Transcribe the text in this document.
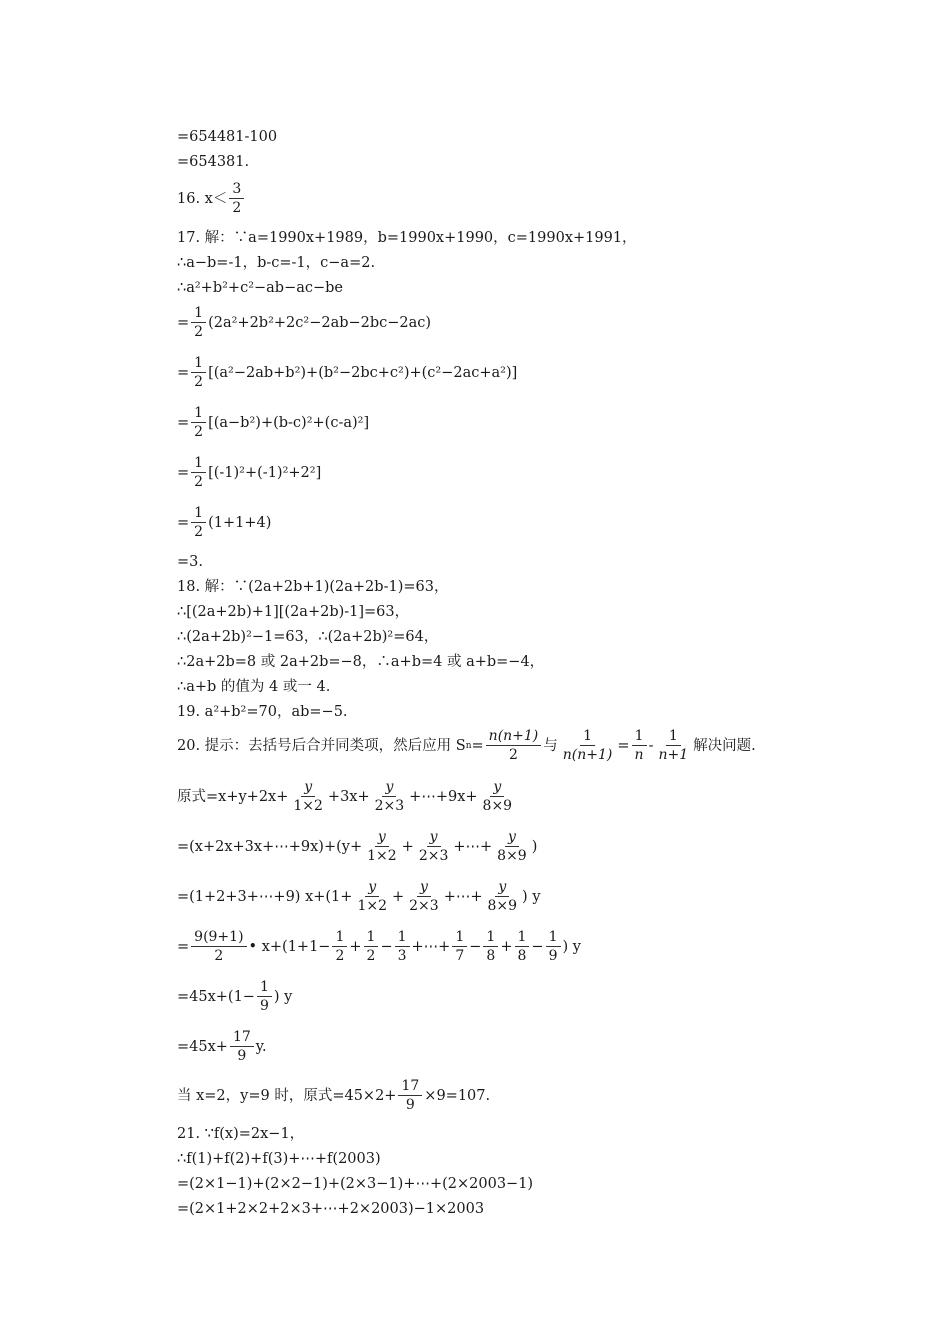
=654481-100
=654381.
16. $x< \frac{3}{2}$
17. 解：∵a=1990x+1989，b=1990x+1990，c=1990x+1991，
∴a−b=-1，b-c=-1，c−a=2.
∴a²+b²+c²−ab−ac−be
= $\frac{1}{2} (2a^2+2b^2+2c^2-2ab-2bc-2ac)$
= $\frac{1}{2} [(a^2-2ab+b^2)+(b^2-2bc+c^2)+(c^2-2ac+a^2)]$
= $\frac{1}{2} [(a-b^2)+(b-c)^2+(c-a)^2]$
= $\frac{1}{2} [(-1)^2+(-1)^2+2^2]$
= $\frac{1}{2} (1+1+4)$
=3.
18. 解：∵(2a+2b+1)(2a+2b-1)=63，
∴[(2a+2b)+1][(2a+2b)-1]=63，
∴(2a+2b)²−1=63，∴(2a+2b)²=64，
∴2a+2b=8 或 2a+2b=−8，∴a+b=4 或 a+b=−4，
∴a+b 的值为 4 或一 4.
19. a²+b²=70，ab=−5.
20. 提示：去括号后合并同类项，然后应用 S $n = \frac{n(n+1)}{2}$ 与 $\frac{1}{n(n+1)} = \frac{1}{n} - \frac{1}{n+1}$ 解决问题.
原式$=x+y+2x+ \frac{y}{1\times 2} +3x+ \frac{y}{2\times 3}$ +⋯+9x+ $\frac{y}{8\times 9}$
=(x+2x+3x+⋯+9x)+(y+ $\frac{y}{1\times 2} + \frac{y}{2\times 3}$ +⋯+ $\frac{y}{8\times 9}$ )
=(1+2+3+⋯+9) $x+(1+ \frac{y}{1\times 2} + \frac{y}{2\times 3}$ +⋯+ $\frac{y}{8\times 9}$ ) y
= $\frac{9(9+1)}{2}$ • $x+(1+1- \frac{1}{2} + \frac{1}{2} - \frac{1}{3}$ +⋯+ $\frac{1}{7} - \frac{1}{8} + \frac{1}{8} - \frac{1}{9}$ ) y
$=45x+(1- \frac{1}{9}$ ) y
$=45x+ \frac{17}{9} y$.
当 x=2，y=9 时，原式$=45\times 2+ \frac{17}{9} \times 9=107$.
21. ∵f(x)=2x−1，
∴f(1)+f(2)+f(3)+⋯+f(2003)
=(2×1−1)+(2×2−1)+(2×3−1)+⋯+(2×2003−1)
=(2×1+2×2+2×3+⋯+2×2003)−1×2003
